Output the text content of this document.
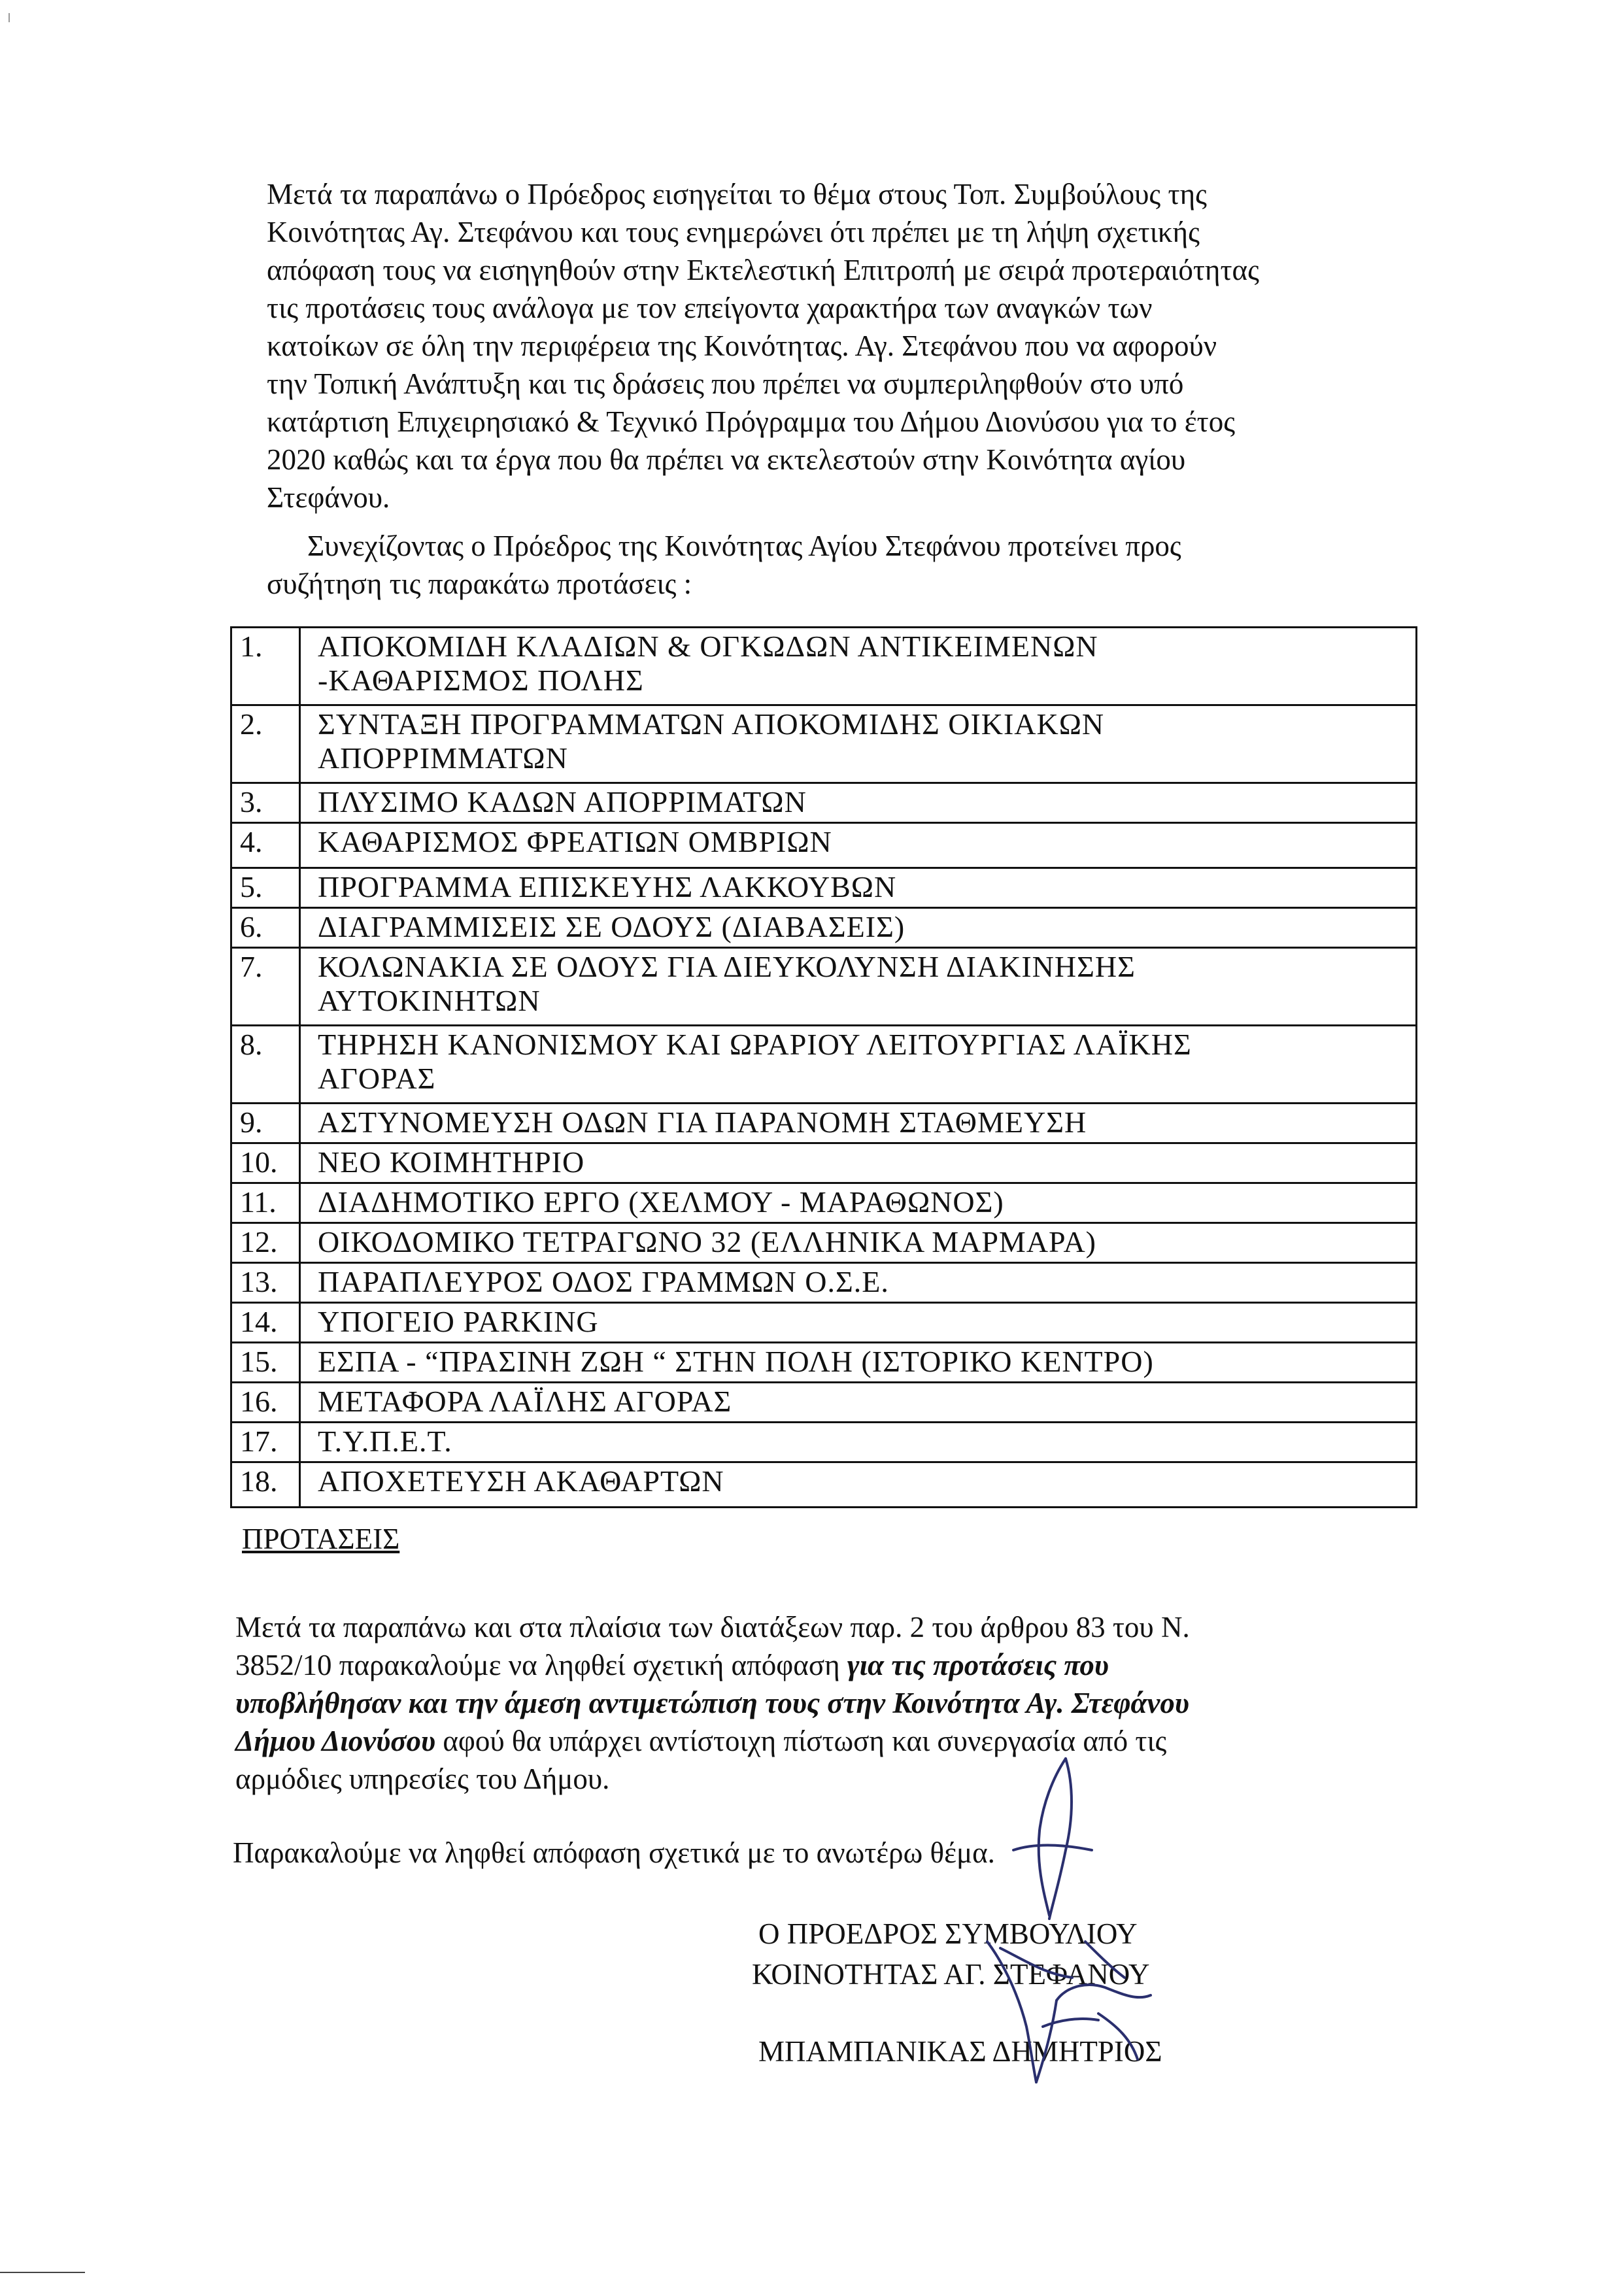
Μετά τα παραπάνω ο Πρόεδρος εισηγείται το θέμα στους Τοπ. Συμβούλους της
Κοινότητας Αγ. Στεφάνου και τους ενημερώνει ότι πρέπει με τη λήψη σχετικής
απόφαση τους να εισηγηθούν στην Εκτελεστική Επιτροπή με σειρά προτεραιότητας
τις προτάσεις τους ανάλογα με τον επείγοντα χαρακτήρα των αναγκών των
κατοίκων σε όλη την περιφέρεια της Κοινότητας. Αγ. Στεφάνου που να αφορούν
την Τοπική Ανάπτυξη και τις δράσεις που πρέπει να συμπεριληφθούν στο υπό
κατάρτιση Επιχειρησιακό & Τεχνικό Πρόγραμμα του Δήμου Διονύσου για το έτος
2020 καθώς και τα έργα που θα πρέπει να εκτελεστούν στην Κοινότητα αγίου
Στεφάνου.
Συνεχίζοντας ο Πρόεδρος της Κοινότητας Αγίου Στεφάνου προτείνει προς
συζήτηση τις παρακάτω προτάσεις :
1.	ΑΠΟΚΟΜΙΔΗ ΚΛΑΔΙΩΝ & ΟΓΚΩΔΩΝ ΑΝΤΙΚΕΙΜΕΝΩΝ
-ΚΑΘΑΡΙΣΜΟΣ ΠΟΛΗΣ

2.	ΣΥΝΤΑΞΗ ΠΡΟΓΡΑΜΜΑΤΩΝ ΑΠΟΚΟΜΙΔΗΣ ΟΙΚΙΑΚΩΝ
ΑΠΟΡΡΙΜΜΑΤΩΝ

3.	ΠΛΥΣΙΜΟ ΚΑΔΩΝ ΑΠΟΡΡΙΜΑΤΩΝ
4.	ΚΑΘΑΡΙΣΜΟΣ ΦΡΕΑΤΙΩΝ ΟΜΒΡΙΩΝ
5.	ΠΡΟΓΡΑΜΜΑ ΕΠΙΣΚΕΥΗΣ ΛΑΚΚΟΥΒΩΝ
6.	ΔΙΑΓΡΑΜΜΙΣΕΙΣ ΣΕ ΟΔΟΥΣ (ΔΙΑΒΑΣΕΙΣ)
7.	ΚΟΛΩΝΑΚΙΑ ΣΕ ΟΔΟΥΣ ΓΙΑ ΔΙΕΥΚΟΛΥΝΣΗ ΔΙΑΚΙΝΗΣΗΣ
ΑΥΤΟΚΙΝΗΤΩΝ

8.	ΤΗΡΗΣΗ ΚΑΝΟΝΙΣΜΟΥ ΚΑΙ ΩΡΑΡΙΟΥ ΛΕΙΤΟΥΡΓΙΑΣ ΛΑΪΚΗΣ
ΑΓΟΡΑΣ

9.	ΑΣΤΥΝΟΜΕΥΣΗ ΟΔΩΝ ΓΙΑ ΠΑΡΑΝΟΜΗ ΣΤΑΘΜΕΥΣΗ
10.	ΝΕΟ ΚΟΙΜΗΤΗΡΙΟ
11.	ΔΙΑΔΗΜΟΤΙΚΟ ΕΡΓΟ (ΧΕΛΜΟΥ - ΜΑΡΑΘΩΝΟΣ)
12.	ΟΙΚΟΔΟΜΙΚΟ ΤΕΤΡΑΓΩΝΟ 32 (ΕΛΛΗΝΙΚΑ ΜΑΡΜΑΡΑ)
13.	ΠΑΡΑΠΛΕΥΡΟΣ ΟΔΟΣ ΓΡΑΜΜΩΝ Ο.Σ.Ε.
14.	ΥΠΟΓΕΙΟ PARKING
15.	ΕΣΠΑ - “ΠΡΑΣΙΝΗ ΖΩΗ “ ΣΤΗΝ ΠΟΛΗ (ΙΣΤΟΡΙΚΟ ΚΕΝΤΡΟ)
16.	ΜΕΤΑΦΟΡΑ ΛΑΪΛΗΣ ΑΓΟΡΑΣ
17.	Τ.Υ.Π.Ε.Τ.
18.	ΑΠΟΧΕΤΕΥΣΗ ΑΚΑΘΑΡΤΩΝ
ΠΡΟΤΑΣΕΙΣ
Μετά τα παραπάνω και στα πλαίσια των διατάξεων παρ. 2 του άρθρου 83 του Ν.
3852/10 παρακαλούμε να ληφθεί σχετική απόφαση για τις προτάσεις που
υποβλήθησαν και την άμεση αντιμετώπιση τους στην Κοινότητα Αγ. Στεφάνου
Δήμου Διονύσου αφού θα υπάρχει αντίστοιχη πίστωση και συνεργασία από τις
αρμόδιες υπηρεσίες του Δήμου.

Παρακαλούμε να ληφθεί απόφαση σχετικά με το ανωτέρω θέμα.

Ο ΠΡΟΕΔΡΟΣ ΣΥΜΒΟΥΛΙΟΥ

ΚΟΙΝΟΤΗΤΑΣ ΑΓ. ΣΤΕΦΑΝΟΥ

ΜΠΑΜΠΑΝΙΚΑΣ ΔΗΜΗΤΡΙΟΣ
